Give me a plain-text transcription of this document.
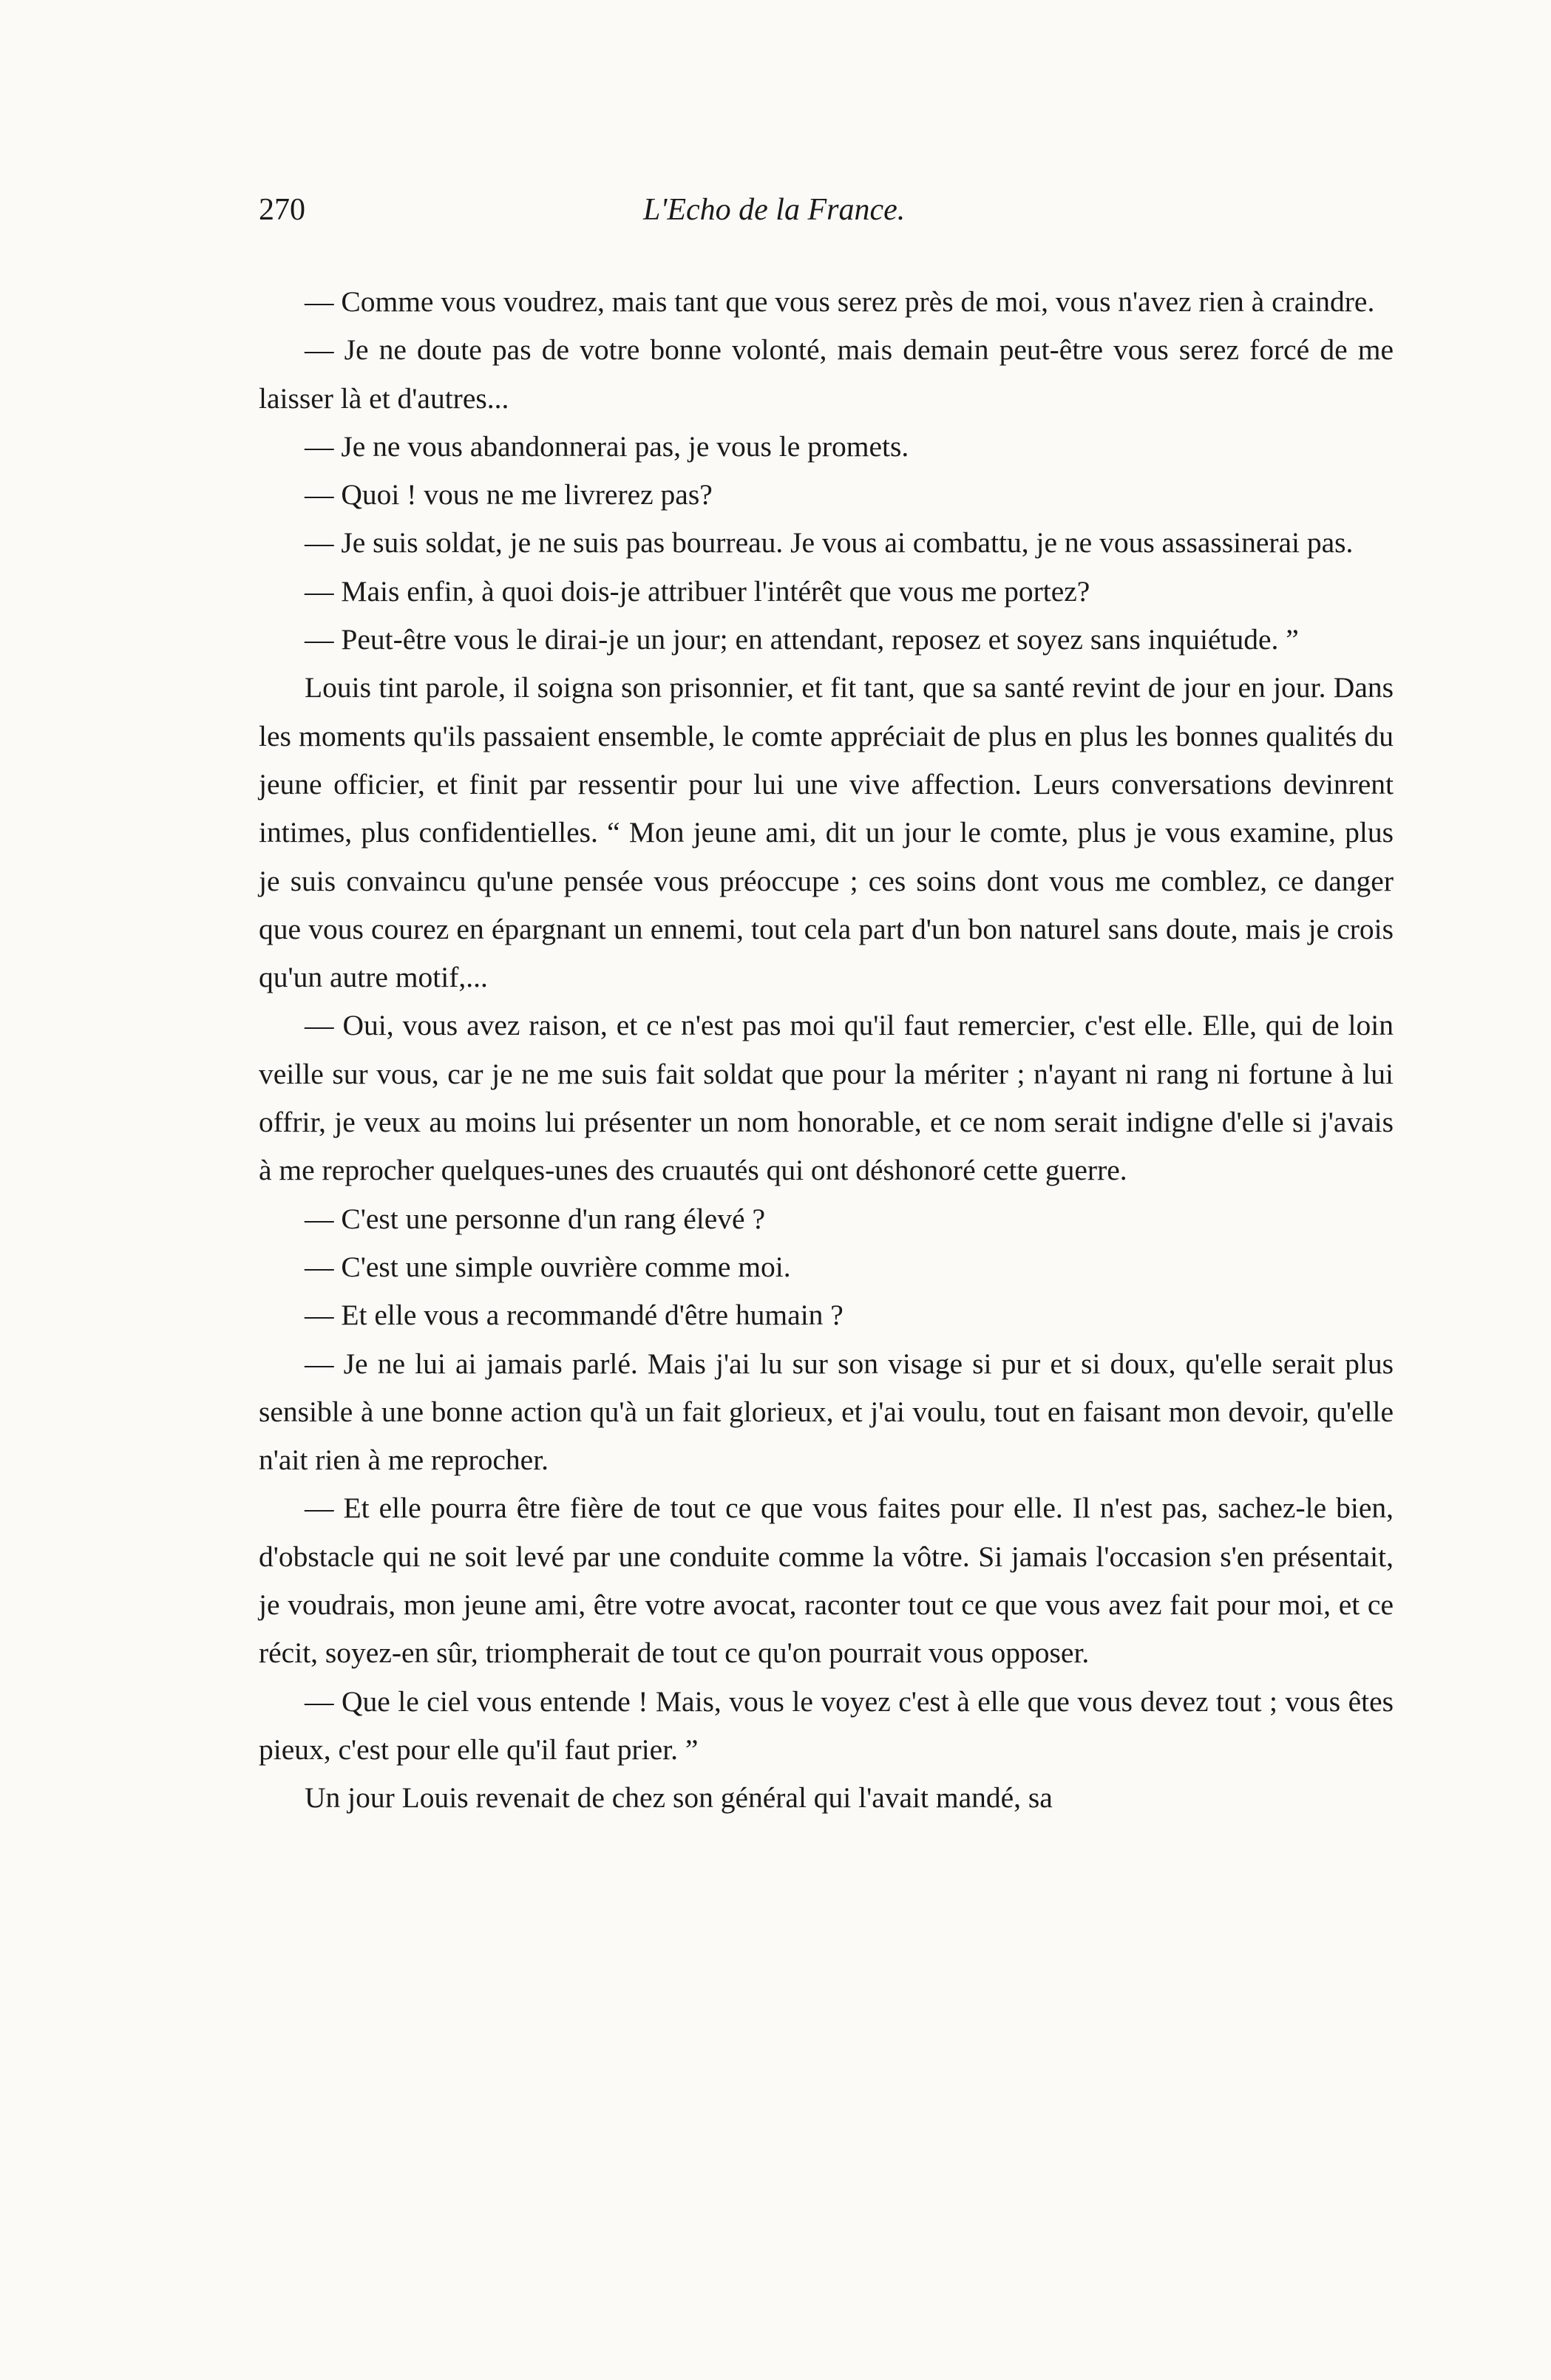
270	L'Echo de la France.

— Comme vous voudrez, mais tant que vous serez près de moi, vous n'avez rien à craindre.

— Je ne doute pas de votre bonne volonté, mais demain peut-être vous serez forcé de me laisser là et d'autres...

— Je ne vous abandonnerai pas, je vous le promets.

— Quoi ! vous ne me livrerez pas?

— Je suis soldat, je ne suis pas bourreau. Je vous ai combattu, je ne vous assassinerai pas.

— Mais enfin, à quoi dois-je attribuer l'intérêt que vous me portez?

— Peut-être vous le dirai-je un jour; en attendant, reposez et soyez sans inquiétude. ”

Louis tint parole, il soigna son prisonnier, et fit tant, que sa santé revint de jour en jour. Dans les moments qu'ils passaient ensemble, le comte appréciait de plus en plus les bonnes qualités du jeune officier, et finit par ressentir pour lui une vive affection. Leurs conversations devinrent intimes, plus confidentielles. “ Mon jeune ami, dit un jour le comte, plus je vous examine, plus je suis convaincu qu'une pensée vous préoccupe ; ces soins dont vous me comblez, ce danger que vous courez en épargnant un ennemi, tout cela part d'un bon naturel sans doute, mais je crois qu'un autre motif,...

— Oui, vous avez raison, et ce n'est pas moi qu'il faut remercier, c'est elle. Elle, qui de loin veille sur vous, car je ne me suis fait soldat que pour la mériter ; n'ayant ni rang ni fortune à lui offrir, je veux au moins lui présenter un nom honorable, et ce nom serait indigne d'elle si j'avais à me reprocher quelques-unes des cruautés qui ont déshonoré cette guerre.

— C'est une personne d'un rang élevé ?

— C'est une simple ouvrière comme moi.

— Et elle vous a recommandé d'être humain ?

— Je ne lui ai jamais parlé. Mais j'ai lu sur son visage si pur et si doux, qu'elle serait plus sensible à une bonne action qu'à un fait glorieux, et j'ai voulu, tout en faisant mon devoir, qu'elle n'ait rien à me reprocher.

— Et elle pourra être fière de tout ce que vous faites pour elle. Il n'est pas, sachez-le bien, d'obstacle qui ne soit levé par une conduite comme la vôtre. Si jamais l'occasion s'en présentait, je voudrais, mon jeune ami, être votre avocat, raconter tout ce que vous avez fait pour moi, et ce récit, soyez-en sûr, triompherait de tout ce qu'on pourrait vous opposer.

— Que le ciel vous entende ! Mais, vous le voyez c'est à elle que vous devez tout ; vous êtes pieux, c'est pour elle qu'il faut prier. ”

Un jour Louis revenait de chez son général qui l'avait mandé, sa
